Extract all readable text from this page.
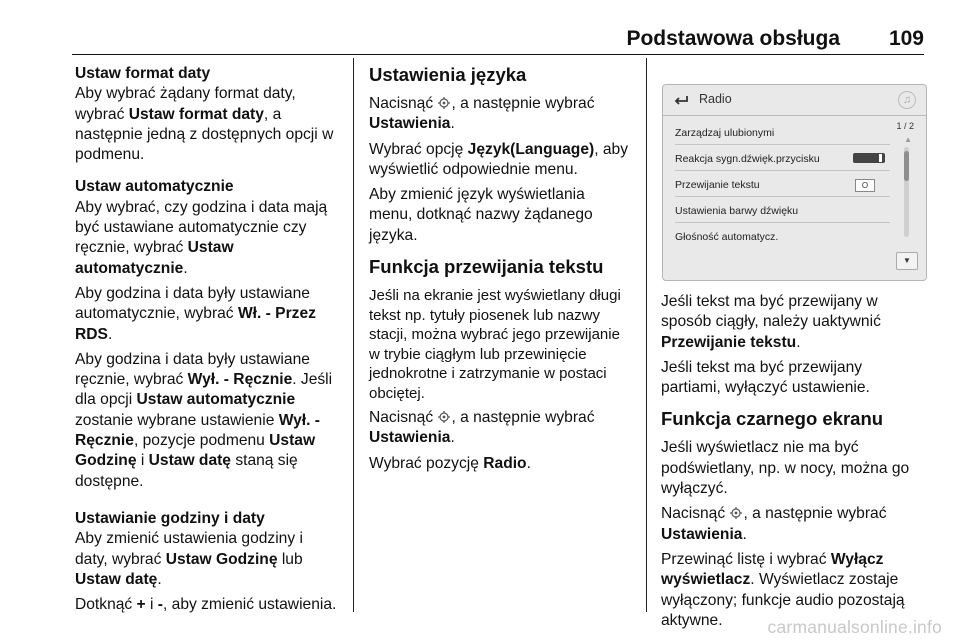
Podstawowa obsługa 109
Ustaw format daty
Aby wybrać żądany format daty,
wybrać Ustaw format daty, a
następnie jedną z dostępnych opcji w
podmenu.
Ustaw automatycznie

Aby wybrać, czy godzina i data mają
być ustawiane automatycznie czy
ręcznie, wybrać Ustaw
automatycznie.

Aby godzina i data były ustawiane
automatycznie, wybrać Wł. - Przez
RDS.

Aby godzina i data były ustawiane
ręcznie, wybrać Wył. - Ręcznie. Jeśli
dla opcji Ustaw automatycznie
zostanie wybrane ustawienie Wył. -
Ręcznie, pozycje podmenu Ustaw
Godzinę i Ustaw datę staną się
dostępne.

Ustawianie godziny i daty

Aby zmienić ustawienia godziny i
daty, wybrać Ustaw Godzinę lub
Ustaw datę.

Dotknąć + i -, aby zmienić ustawienia.

Ustawienia języka

Nacisnąć , a następnie wybrać
Ustawienia.

Wybrać opcję Język(Language), aby
wyświetlić odpowiednie menu.

Aby zmienić język wyświetlania
menu, dotknąć nazwy żądanego
języka.

Funkcja przewijania tekstu

Jeśli na ekranie jest wyświetlany długi
tekst np. tytuły piosenek lub nazwy
stacji, można wybrać jego przewijanie
w trybie ciągłym lub przewinięcie
jednokrotne i zatrzymanie w postaci
obciętej.

Nacisnąć , a następnie wybrać
Ustawienia.

Wybrać pozycję Radio.

Radio	♫
1 / 2
▲
Zarządzaj ulubionymi
Reakcja sygn.dźwięk.przycisku
Przewijanie tekstu	O
Ustawienia barwy dźwięku
Głośność automatycz.
▼

Jeśli tekst ma być przewijany w
sposób ciągły, należy uaktywnić
Przewijanie tekstu.

Jeśli tekst ma być przewijany
partiami, wyłączyć ustawienie.

Funkcja czarnego ekranu

Jeśli wyświetlacz nie ma być
podświetlany, np. w nocy, można go
wyłączyć.

Nacisnąć , a następnie wybrać
Ustawienia.

Przewinąć listę i wybrać Wyłącz
wyświetlacz. Wyświetlacz zostaje
wyłączony; funkcje audio pozostają
aktywne.	carmanualsonline.info
